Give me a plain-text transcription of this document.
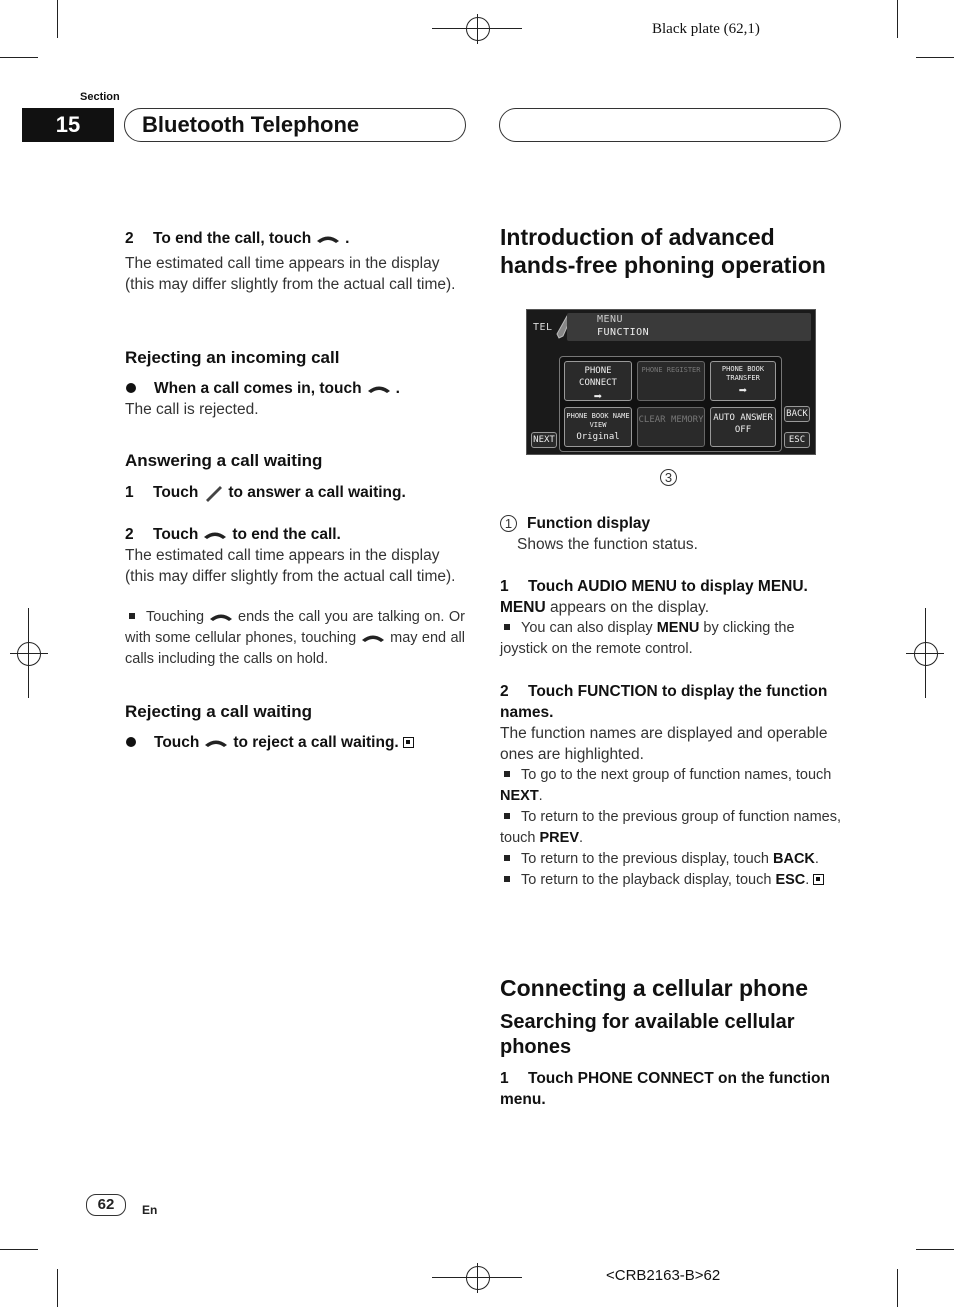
Black plate (62,1)
Section
15	Bluetooth Telephone
2 To end the call, touch .
The estimated call time appears in the display (this may differ slightly from the actual call time).
Rejecting an incoming call
When a call comes in, touch .
The call is rejected.
Answering a call waiting
1 Touch to answer a call waiting.
2 Touch to end the call.
The estimated call time appears in the display (this may differ slightly from the actual call time).
Touching ends the call you are talking on. Or with some cellular phones, touching may end all calls including the calls on hold.
Rejecting a call waiting
Touch to reject a call waiting.
Introduction of advanced hands-free phoning operation
TEL
MENU
FUNCTION
PHONE CONNECT
➡
PHONE REGISTER	PHONE BOOK TRANSFER
➡
PHONE BOOK NAME VIEW
Original
CLEAR MEMORY AUTO ANSWER
OFF
BACK
ESC
NEXT
3
1 Function display
Shows the function status.
1 Touch AUDIO MENU to display MENU.
MENU appears on the display.
You can also display MENU by clicking the joystick on the remote control.
2 Touch FUNCTION to display the function names.
The function names are displayed and operable ones are highlighted.
To go to the next group of function names, touch NEXT.
To return to the previous group of function names, touch PREV.
To return to the previous display, touch BACK.
To return to the playback display, touch ESC.
Connecting a cellular phone
Searching for available cellular phones
1 Touch PHONE CONNECT on the function menu.
62	En
<CRB2163-B>62
